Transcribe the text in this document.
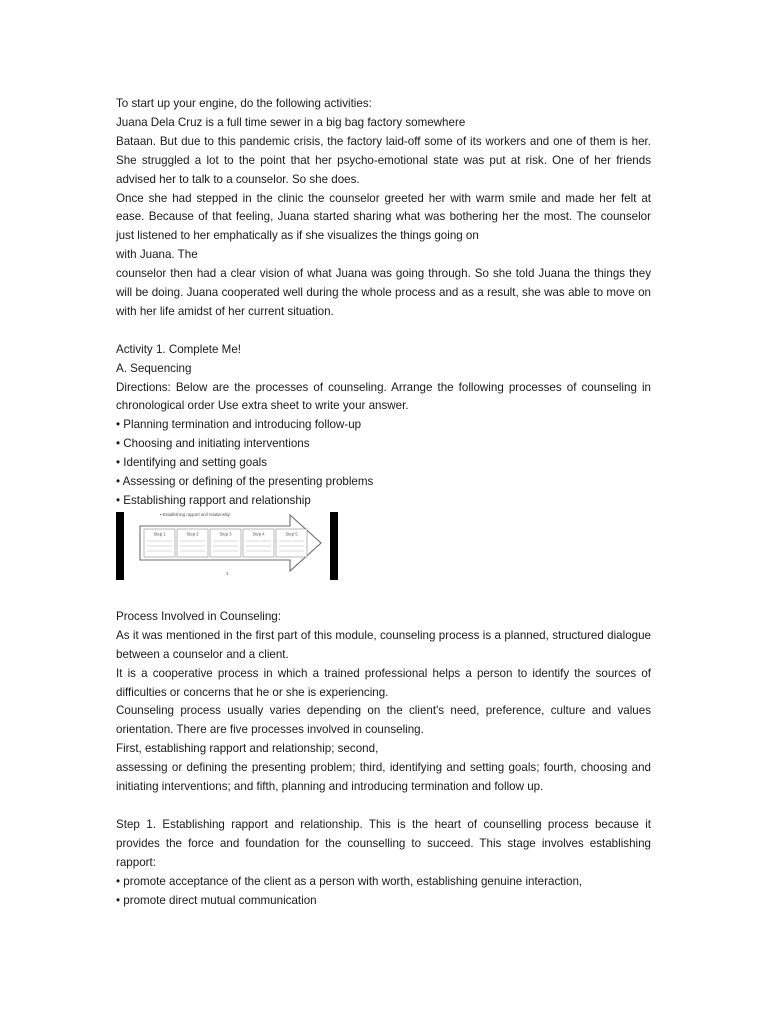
To start up your engine, do the following activities:

Juana Dela Cruz is a full time sewer in a big bag factory somewhere

Bataan. But due to this pandemic crisis, the factory laid-off some of its workers and one of them is her. She struggled a lot to the point that her psycho-emotional state was put at risk. One of her friends advised her to talk to a counselor. So she does.

Once she had stepped in the clinic the counselor greeted her with warm smile and made her felt at ease. Because of that feeling, Juana started sharing what was bothering her the most. The counselor just listened to her emphatically as if she visualizes the things going on

with Juana. The

counselor then had a clear vision of what Juana was going through. So she told Juana the things they will be doing. Juana cooperated well during the whole process and as a result, she was able to move on with her life amidst of her current situation.

Activity 1. Complete Me!

A. Sequencing

Directions: Below are the processes of counseling. Arrange the following processes of counseling in chronological order Use extra sheet to write your answer.

• Planning termination and introducing follow-up

• Choosing and initiating interventions

• Identifying and setting goals

• Assessing or defining of the presenting problems

• Establishing rapport and relationship

• Establishing rapport and relationship
Step 1	Step 2	Step 3	Step 4	Step 5
1

Process Involved in Counseling:

As it was mentioned in the first part of this module, counseling process is a planned, structured dialogue between a counselor and a client.

It is a cooperative process in which a trained professional helps a person to identify the sources of difficulties or concerns that he or she is experiencing.

Counseling process usually varies depending on the client's need, preference, culture and values orientation. There are five processes involved in counseling.

First, establishing rapport and relationship; second,

assessing or defining the presenting problem; third, identifying and setting goals; fourth, choosing and initiating interventions; and fifth, planning and introducing termination and follow up.

Step 1. Establishing rapport and relationship. This is the heart of counselling process because it provides the force and foundation for the counselling to succeed. This stage involves establishing rapport:

• promote acceptance of the client as a person with worth, establishing genuine interaction,

• promote direct mutual communication
